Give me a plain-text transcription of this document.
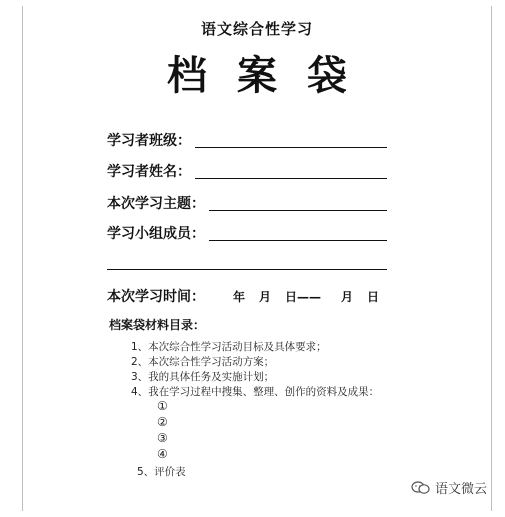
语文综合性学习
档案袋
学习者班级：
学习者姓名：
本次学习主题：
学习小组成员：
本次学习时间： 年 月 日—— 月 日
档案袋材料目录：
1、本次综合性学习活动目标及具体要求；
2、本次综合性学习活动方案；
3、我的具体任务及实施计划；
4、我在学习过程中搜集、整理、创作的资料及成果：
①
②
③
④
5、评价表
语文微云
